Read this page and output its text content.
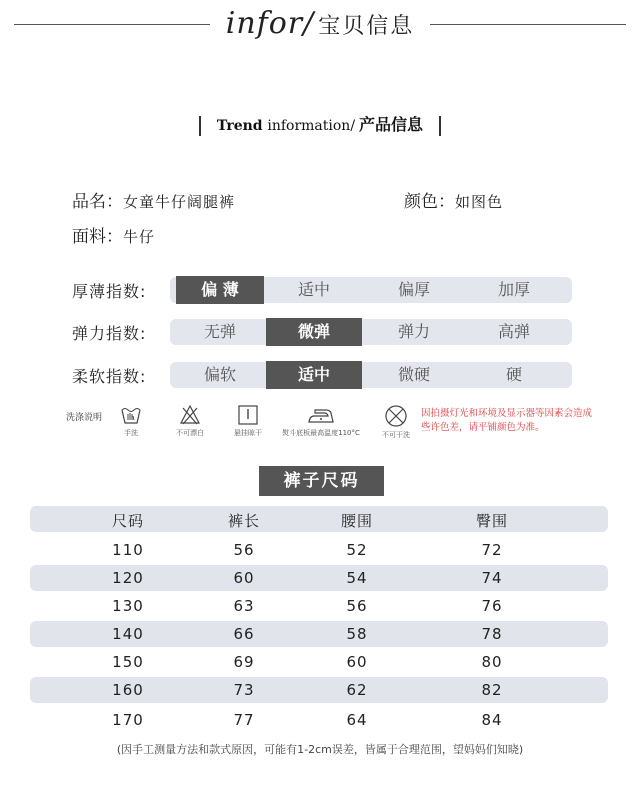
infor/ 宝贝信息
Trend information/ 产品信息
品名：女童牛仔阔腿裤	颜色：如图色
面料：牛仔
厚薄指数:	偏 薄	适中	偏厚	加厚
弹力指数:	无弹	微弹	弹力	高弹
柔软指数:	偏软	适中	微硬	硬
洗涤说明
手洗	不可漂白	悬挂晾干	熨斗底板最高温度110°C	不可干洗
因拍摄灯光和环境及显示器等因素会造成些许色差，请平铺颜色为准。
裤子尺码
尺码	裤长	腰围	臀围
110	56	52	72
120	60	54	74
130	63	56	76
140	66	58	78
150	69	60	80
160	73	62	82
170	77	64	84
(因手工测量方法和款式原因，可能有1-2cm误差，皆属于合理范围，望妈妈们知晓)
